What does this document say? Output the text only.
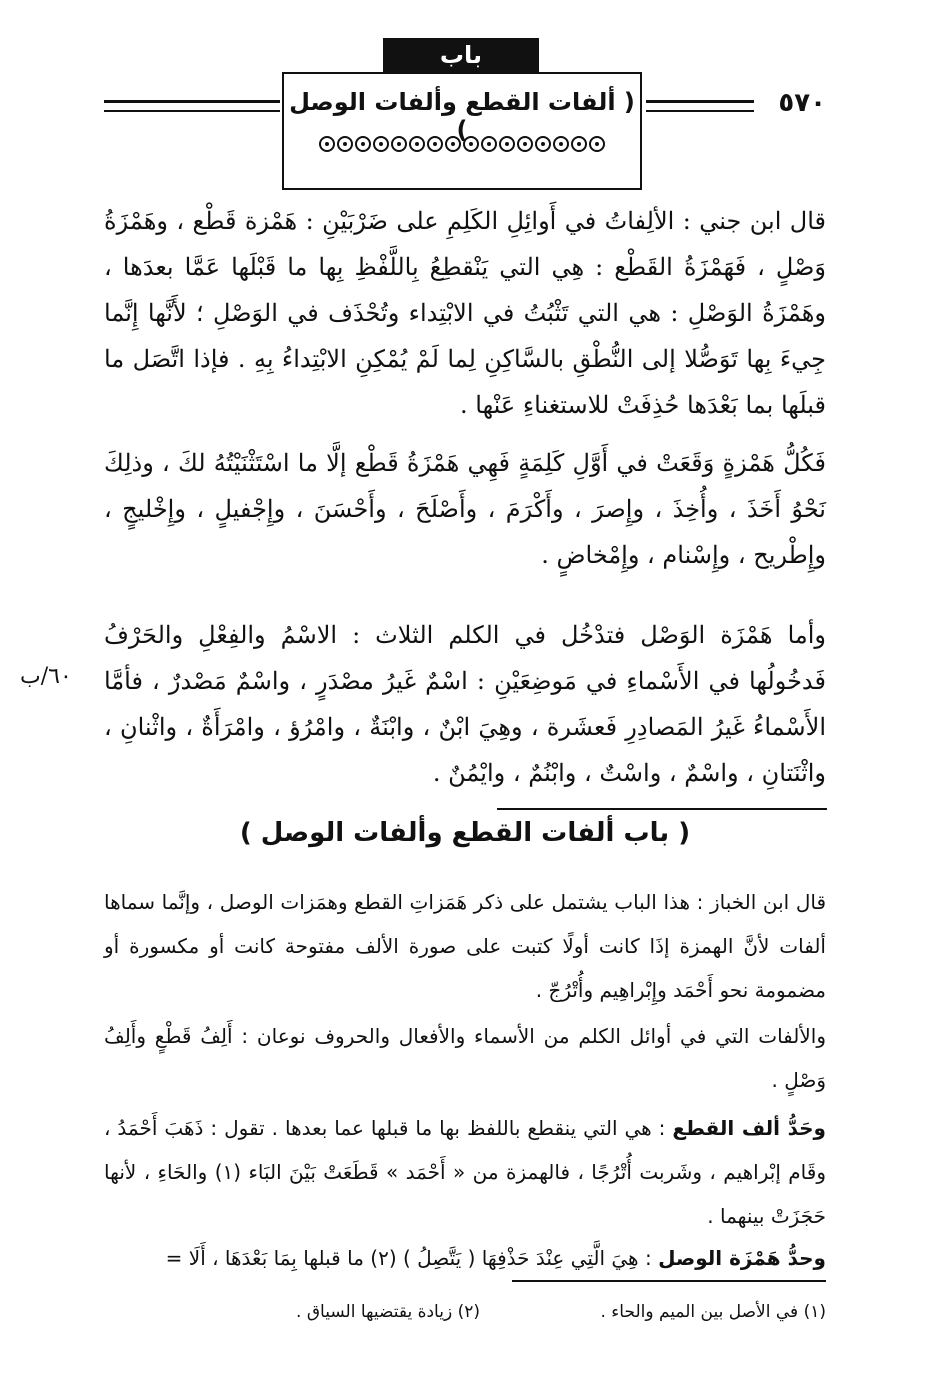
باب
( ألفات القطع وألفات الوصل )
٥٧٠

قال ابن جني : الألِفاتُ في أَوائِلِ الكَلِمِ على ضَرْبَيْنِ : هَمْزة قَطْع ، وهَمْزَةُ وَصْلٍ ، فَهَمْزَةُ القَطْع : هِي التي يَنْقطِعُ بِاللَّفْظِ بِها ما قَبْلَها عَمَّا بعدَها ، وهَمْزَةُ الوَصْلِ : هي التي تَثْبُتُ في الابْتِداء وتُحْذَف في الوَصْلِ ؛ لأَنَّها إِنَّما جِيءَ بِها تَوَصُّلا إلى النُّطْقِ بالسَّاكِنِ لِما لَمْ يُمْكِنِ الابْتِداءُ بِهِ . فإذا اتَّصَل ما قبلَها بما بَعْدَها حُذِفَتْ للاستغناءِ عَنْها .

فَكُلُّ هَمْزةٍ وَقَعَتْ في أَوَّلِ كَلِمَةٍ فَهِي هَمْزَةُ قَطْع إلَّا ما اسْتَثْنَيْتُهُ لكَ ، وذلِكَ نَحْوُ أَخَذَ ، وأُخِذَ ، وإِصرَ ، وأَكْرَمَ ، وأَصْلَحَ ، وأَحْسَنَ ، وإِجْفيلٍ ، وإِخْليجٍ ، وإِطْريح ، وإِسْنام ، وإِمْخاضٍ .

وأما هَمْزَة الوَصْل فتدْخُل في الكلم الثلاث : الاسْمُ والفِعْلِ والحَرْفُ فَدخُولُها في الأَسْماءِ في مَوضِعَيْنِ : اسْمٌ غَيرُ مصْدَرٍ ، واسْمٌ مَصْدرٌ ، فأمَّا الأَسْماءُ غَيرُ المَصادِرِ فَعشَرة ، وهِيَ ابْنٌ ، وابْنَةٌ ، وامْرُؤ ، وامْرَأَةٌ ، واثْنانِ ، واثْنَتانِ ، واسْمٌ ، واسْتٌ ، وابْنُمٌ ، وايْمُنٌ .

٦٠/ب
( باب ألفات القطع وألفات الوصل )

قال ابن الخباز : هذا الباب يشتمل على ذكر هَمَزاتِ القطع وهمَزات الوصل ، وإنَّما سماها ألفات لأنَّ الهمزة إذَا كانت أولًا كتبت على صورة الألف مفتوحة كانت أو مكسورة أو مضمومة نحو أَحْمَد وإِبْراهِيم وأُتْرُجّ .

والألفات التي في أوائل الكلم من الأسماء والأفعال والحروف نوعان : أَلِفُ قَطْعٍ وأَلِفُ وَصْلٍ .

وحَدُّ ألف القطع : هي التي ينقطع باللفظ بها ما قبلها عما بعدها . تقول : ذَهَبَ أَحْمَدُ ، وقَام إبْراهيم ، وشَربت أُتْرُجًا ، فالهمزة من « أَحْمَد » قَطَعَتْ بَيْنَ البَاء (١) والحَاءِ ، لأنها حَجَزَتْ بينهما .

وحدُّ هَمْزَة الوصل : هِيَ الَّتِي عِنْدَ حَذْفِهَا ( يَتَّصِلُ ) (٢) ما قبلها بِمَا بَعْدَهَا ، أَلَا =

(١) في الأصل بين الميم والحاء .
(٢) زيادة يقتضيها السياق .
